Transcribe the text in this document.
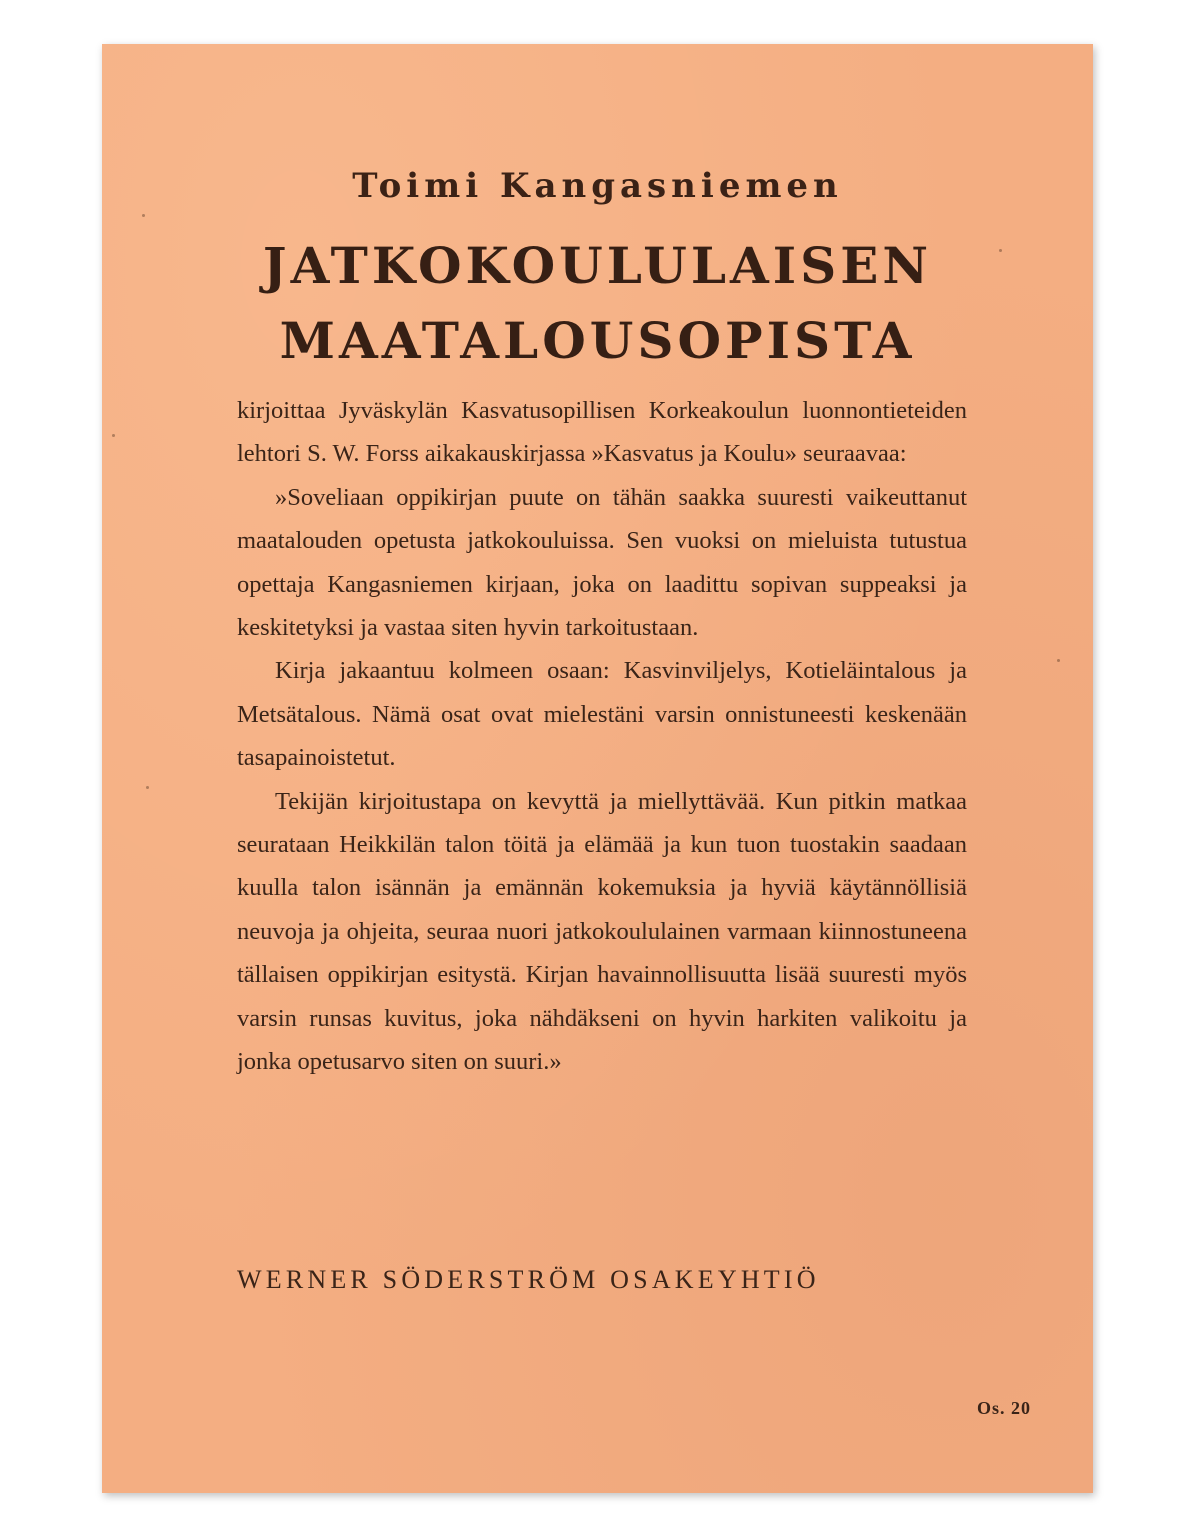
Toimi Kangasniemen
JATKOKOULULAISEN
MAATALOUSOPISTA

kirjoittaa Jyväskylän Kasvatusopillisen Korkeakoulun luonnontieteiden lehtori S. W. Forss aikakauskirjassa »Kasvatus ja Koulu» seuraavaa:

»Soveliaan oppikirjan puute on tähän saakka suuresti vaikeuttanut maatalouden opetusta jatkokouluissa. Sen vuoksi on mieluista tutustua opettaja Kangasniemen kirjaan, joka on laadittu sopivan suppeaksi ja keskitetyksi ja vastaa siten hyvin tarkoitustaan.

Kirja jakaantuu kolmeen osaan: Kasvinviljelys, Kotieläintalous ja Metsätalous. Nämä osat ovat mielestäni varsin onnistuneesti keskenään tasapainoistetut.

Tekijän kirjoitustapa on kevyttä ja miellyttävää. Kun pitkin matkaa seurataan Heikkilän talon töitä ja elämää ja kun tuon tuostakin saadaan kuulla talon isännän ja emännän kokemuksia ja hyviä käytännöllisiä neuvoja ja ohjeita, seuraa nuori jatkokoululainen varmaan kiinnostuneena tällaisen oppikirjan esitystä. Kirjan havainnollisuutta lisää suuresti myös varsin runsas kuvitus, joka nähdäkseni on hyvin harkiten valikoitu ja jonka opetusarvo siten on suuri.»

WERNER SÖDERSTRÖM OSAKEYHTIÖ
Os. 20
